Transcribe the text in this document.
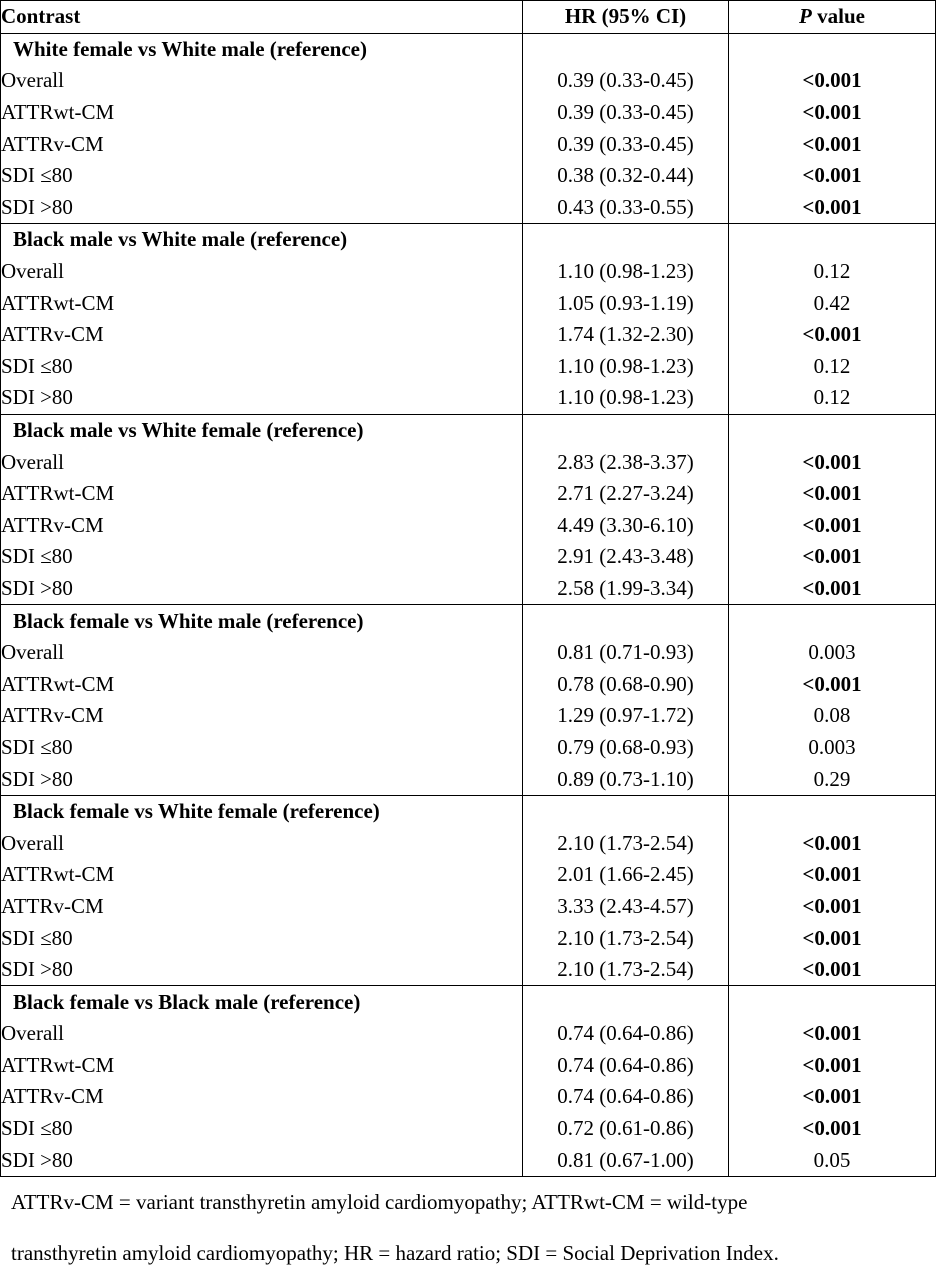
Contrast	HR (95% CI)	P value
White female vs White male (reference)		
Overall	0.39 (0.33-0.45)	<0.001
ATTRwt-CM	0.39 (0.33-0.45)	<0.001
ATTRv-CM	0.39 (0.33-0.45)	<0.001
SDI ≤80	0.38 (0.32-0.44)	<0.001
SDI >80	0.43 (0.33-0.55)	<0.001
Black male vs White male (reference)		
Overall	1.10 (0.98-1.23)	0.12
ATTRwt-CM	1.05 (0.93-1.19)	0.42
ATTRv-CM	1.74 (1.32-2.30)	<0.001
SDI ≤80	1.10 (0.98-1.23)	0.12
SDI >80	1.10 (0.98-1.23)	0.12
Black male vs White female (reference)		
Overall	2.83 (2.38-3.37)	<0.001
ATTRwt-CM	2.71 (2.27-3.24)	<0.001
ATTRv-CM	4.49 (3.30-6.10)	<0.001
SDI ≤80	2.91 (2.43-3.48)	<0.001
SDI >80	2.58 (1.99-3.34)	<0.001
Black female vs White male (reference)		
Overall	0.81 (0.71-0.93)	0.003
ATTRwt-CM	0.78 (0.68-0.90)	<0.001
ATTRv-CM	1.29 (0.97-1.72)	0.08
SDI ≤80	0.79 (0.68-0.93)	0.003
SDI >80	0.89 (0.73-1.10)	0.29
Black female vs White female (reference)		
Overall	2.10 (1.73-2.54)	<0.001
ATTRwt-CM	2.01 (1.66-2.45)	<0.001
ATTRv-CM	3.33 (2.43-4.57)	<0.001
SDI ≤80	2.10 (1.73-2.54)	<0.001
SDI >80	2.10 (1.73-2.54)	<0.001
Black female vs Black male (reference)		
Overall	0.74 (0.64-0.86)	<0.001
ATTRwt-CM	0.74 (0.64-0.86)	<0.001
ATTRv-CM	0.74 (0.64-0.86)	<0.001
SDI ≤80	0.72 (0.61-0.86)	<0.001
SDI >80	0.81 (0.67-1.00)	0.05
ATTRv-CM = variant transthyretin amyloid cardiomyopathy; ATTRwt-CM = wild-type
transthyretin amyloid cardiomyopathy; HR = hazard ratio; SDI = Social Deprivation Index.
